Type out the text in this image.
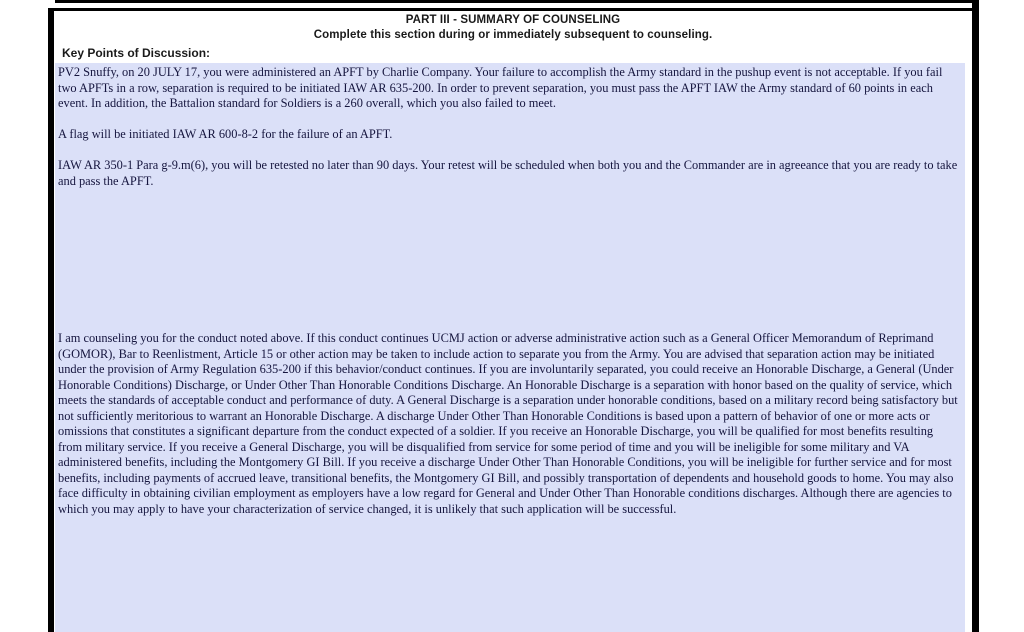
PART III - SUMMARY OF COUNSELING
Complete this section during or immediately subsequent to counseling.
Key Points of Discussion:

PV2 Snuffy, on 20 JULY 17, you were administered an APFT by Charlie Company. Your failure to accomplish the Army standard in the pushup event is not acceptable. If you fail two APFTs in a row, separation is required to be initiated IAW AR 635-200. In order to prevent separation, you must pass the APFT IAW the Army standard of 60 points in each event. In addition, the Battalion standard for Soldiers is a 260 overall, which you also failed to meet.

A flag will be initiated IAW AR 600-8-2 for the failure of an APFT.

IAW AR 350-1 Para g-9.m(6), you will be retested no later than 90 days. Your retest will be scheduled when both you and the Commander are in agreeance that you are ready to take and pass the APFT.

I am counseling you for the conduct noted above. If this conduct continues UCMJ action or adverse administrative action such as a General Officer Memorandum of Reprimand (GOMOR), Bar to Reenlistment, Article 15 or other action may be taken to include action to separate you from the Army. You are advised that separation action may be initiated under the provision of Army Regulation 635-200 if this behavior/conduct continues. If you are involuntarily separated, you could receive an Honorable Discharge, a General (Under Honorable Conditions) Discharge, or Under Other Than Honorable Conditions Discharge. An Honorable Discharge is a separation with honor based on the quality of service, which meets the standards of acceptable conduct and performance of duty. A General Discharge is a separation under honorable conditions, based on a military record being satisfactory but not sufficiently meritorious to warrant an Honorable Discharge. A discharge Under Other Than Honorable Conditions is based upon a pattern of behavior of one or more acts or omissions that constitutes a significant departure from the conduct expected of a soldier. If you receive an Honorable Discharge, you will be qualified for most benefits resulting from military service. If you receive a General Discharge, you will be disqualified from service for some period of time and you will be ineligible for some military and VA administered benefits, including the Montgomery GI Bill. If you receive a discharge Under Other Than Honorable Conditions, you will be ineligible for further service and for most benefits, including payments of accrued leave, transitional benefits, the Montgomery GI Bill, and possibly transportation of dependents and household goods to home. You may also face difficulty in obtaining civilian employment as employers have a low regard for General and Under Other Than Honorable conditions discharges. Although there are agencies to which you may apply to have your characterization of service changed, it is unlikely that such application will be successful.
